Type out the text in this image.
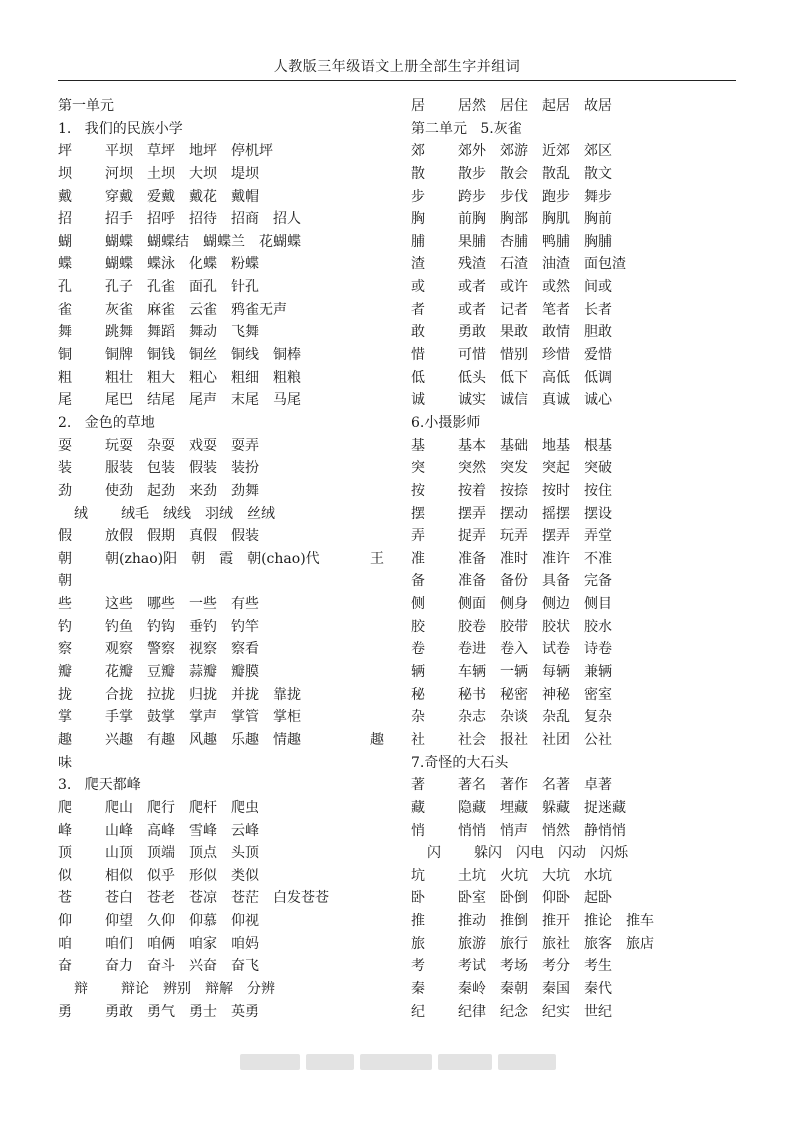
人教版三年级语文上册全部生字并组词
第一单元
1.   我们的民族小学
坪 平坝 草坪 地坪 停机坪
坝 河坝 土坝 大坝 堤坝
戴 穿戴 爱戴 戴花 戴帽
招 招手 招呼 招待 招商 招人
蝴 蝴蝶 蝴蝶结 蝴蝶兰 花蝴蝶
蝶 蝴蝶 蝶泳 化蝶 粉蝶
孔 孔子 孔雀 面孔 针孔
雀 灰雀 麻雀 云雀 鸦雀无声
舞 跳舞 舞蹈 舞动 飞舞
铜 铜牌 铜钱 铜丝 铜线 铜棒
粗 粗壮 粗大 粗心 粗细 粗粮
尾 尾巴 结尾 尾声 末尾 马尾
2.   金色的草地
耍 玩耍 杂耍 戏耍 耍弄
装 服装 包装 假装 装扮
劲 使劲 起劲 来劲 劲舞
绒 绒毛 绒线 羽绒 丝绒
假 放假 假期 真假 假装
朝 朝(zhao)阳 朝 霞 朝(chao)代	王
朝
些 这些 哪些 一些 有些
钓 钓鱼 钓钩 垂钓 钓竿
察 观察 警察 视察 察看
瓣 花瓣 豆瓣 蒜瓣 瓣膜
拢 合拢 拉拢 归拢 并拢 靠拢
掌 手掌 鼓掌 掌声 掌管 掌柜
趣 兴趣 有趣 风趣 乐趣 情趣	趣
味
3.   爬天都峰
爬 爬山 爬行 爬杆 爬虫
峰 山峰 高峰 雪峰 云峰
顶 山顶 顶端 顶点 头顶
似 相似 似乎 形似 类似
苍 苍白 苍老 苍凉 苍茫 白发苍苍
仰 仰望 久仰 仰慕 仰视
咱 咱们 咱俩 咱家 咱妈
奋 奋力 奋斗 兴奋 奋飞
辩 辩论 辨别 辩解 分辨
勇 勇敢 勇气 勇士 英勇
居 居然 居住 起居 故居
第二单元   5.灰雀
郊 郊外 郊游 近郊 郊区
散 散步 散会 散乱 散文
步 跨步 步伐 跑步 舞步
胸 前胸 胸部 胸肌 胸前
脯 果脯 杏脯 鸭脯 胸脯
渣 残渣 石渣 油渣 面包渣
或 或者 或许 或然 间或
者 或者 记者 笔者 长者
敢 勇敢 果敢 敢情 胆敢
惜 可惜 惜别 珍惜 爱惜
低 低头 低下 高低 低调
诚 诚实 诚信 真诚 诚心
6.小摄影师
基 基本 基础 地基 根基
突 突然 突发 突起 突破
按 按着 按捺 按时 按住
摆 摆弄 摆动 摇摆 摆设
弄 捉弄 玩弄 摆弄 弄堂
准 准备 准时 准许 不准
备 准备 备份 具备 完备
侧 侧面 侧身 侧边 侧目
胶 胶卷 胶带 胶状 胶水
卷 卷进 卷入 试卷 诗卷
辆 车辆 一辆 每辆 兼辆
秘 秘书 秘密 神秘 密室
杂 杂志 杂谈 杂乱 复杂
社 社会 报社 社团 公社
7.奇怪的大石头
著 著名 著作 名著 卓著
藏 隐藏 埋藏 躲藏 捉迷藏
悄 悄悄 悄声 悄然 静悄悄
闪 躲闪 闪电 闪动 闪烁
坑 土坑 火坑 大坑 水坑
卧 卧室 卧倒 仰卧 起卧
推 推动 推倒 推开 推论 推车
旅 旅游 旅行 旅社 旅客 旅店
考 考试 考场 考分 考生
秦 秦岭 秦朝 秦国 秦代
纪 纪律 纪念 纪实 世纪
